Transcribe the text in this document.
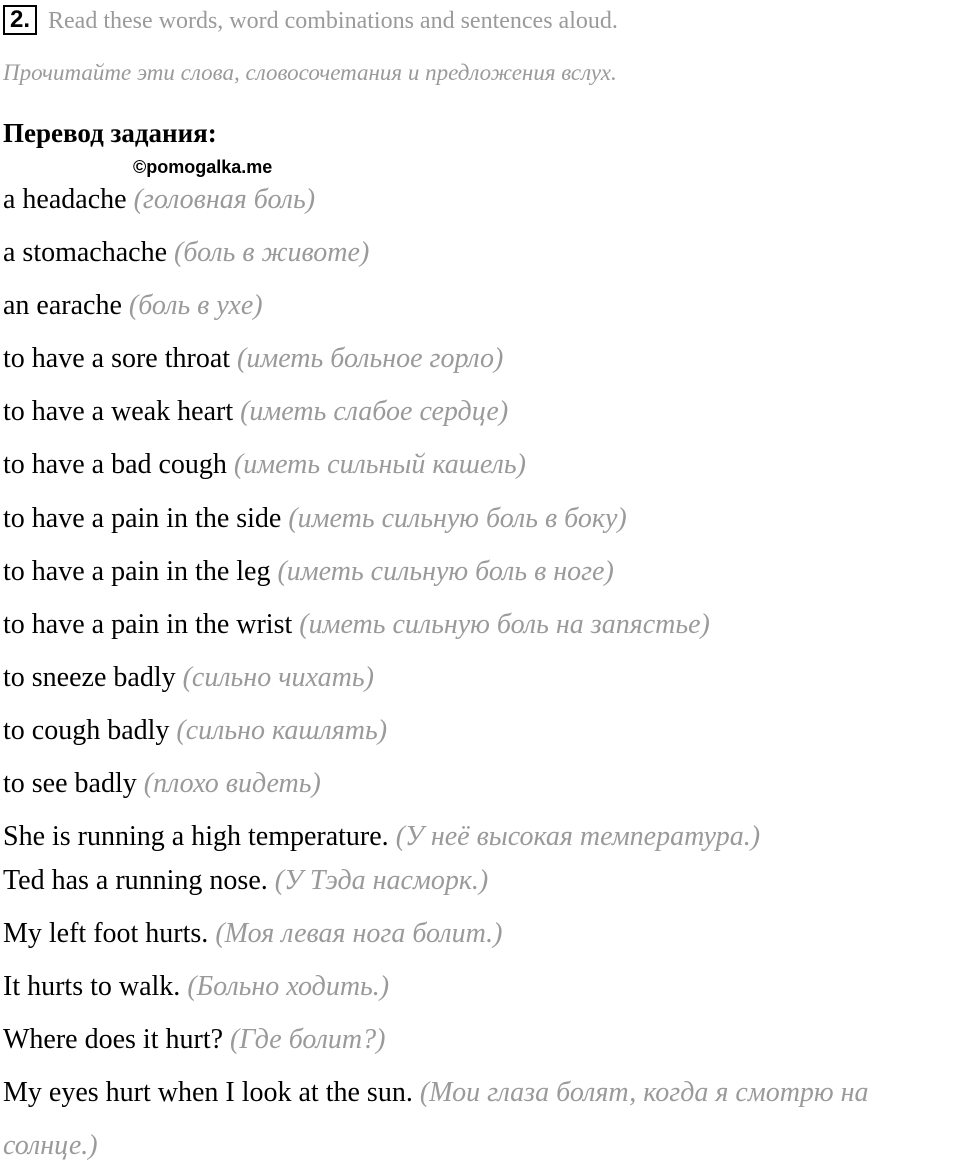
2. Read these words, word combinations and sentences aloud.
Прочитайте эти слова, словосочетания и предложения вслух.
Перевод задания:
©pomogalka.me
a headache (головная боль)
a stomachache (боль в животе)
an earache (боль в ухе)
to have a sore throat (иметь больное горло)
to have a weak heart (иметь слабое сердце)
to have a bad cough (иметь сильный кашель)
to have a pain in the side (иметь сильную боль в боку)
to have a pain in the leg (иметь сильную боль в ноге)
to have a pain in the wrist (иметь сильную боль на запястье)
to sneeze badly (сильно чихать)
to cough badly (сильно кашлять)
to see badly (плохо видеть)
She is running a high temperature. (У неё высокая температура.)
Ted has a running nose. (У Тэда насморк.)
My left foot hurts. (Моя левая нога болит.)
It hurts to walk. (Больно ходить.)
Where does it hurt? (Где болит?)
My eyes hurt when I look at the sun. (Мои глаза болят, когда я смотрю на
солнце.)
